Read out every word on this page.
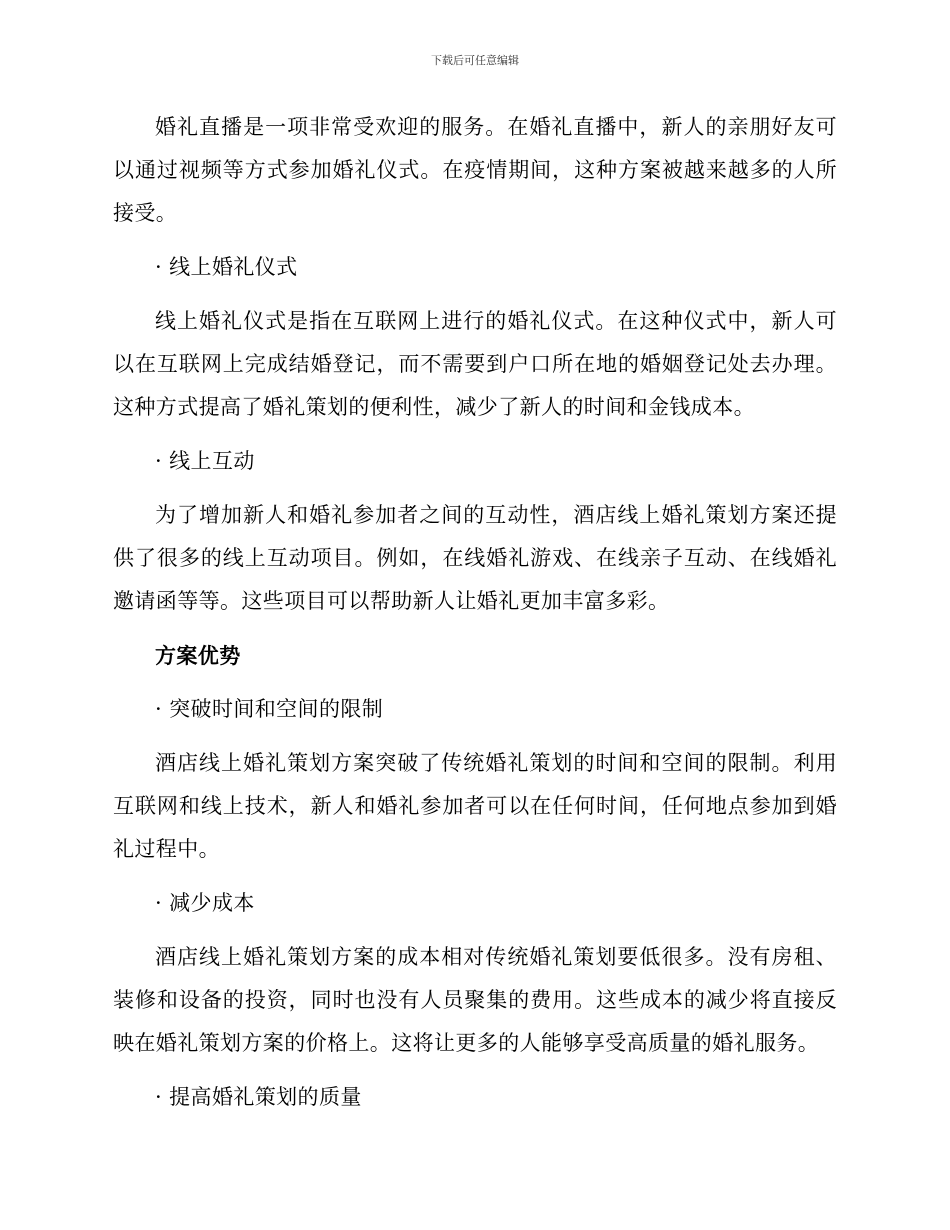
下载后可任意编辑

婚礼直播是一项非常受欢迎的服务。在婚礼直播中，新人的亲朋好友可以通过视频等方式参加婚礼仪式。在疫情期间，这种方案被越来越多的人所接受。

· 线上婚礼仪式

线上婚礼仪式是指在互联网上进行的婚礼仪式。在这种仪式中，新人可以在互联网上完成结婚登记，而不需要到户口所在地的婚姻登记处去办理。这种方式提高了婚礼策划的便利性，减少了新人的时间和金钱成本。

· 线上互动

为了增加新人和婚礼参加者之间的互动性，酒店线上婚礼策划方案还提供了很多的线上互动项目。例如，在线婚礼游戏、在线亲子互动、在线婚礼邀请函等等。这些项目可以帮助新人让婚礼更加丰富多彩。

方案优势

· 突破时间和空间的限制

酒店线上婚礼策划方案突破了传统婚礼策划的时间和空间的限制。利用互联网和线上技术，新人和婚礼参加者可以在任何时间，任何地点参加到婚礼过程中。

· 减少成本

酒店线上婚礼策划方案的成本相对传统婚礼策划要低很多。没有房租、装修和设备的投资，同时也没有人员聚集的费用。这些成本的减少将直接反映在婚礼策划方案的价格上。这将让更多的人能够享受高质量的婚礼服务。

· 提高婚礼策划的质量
